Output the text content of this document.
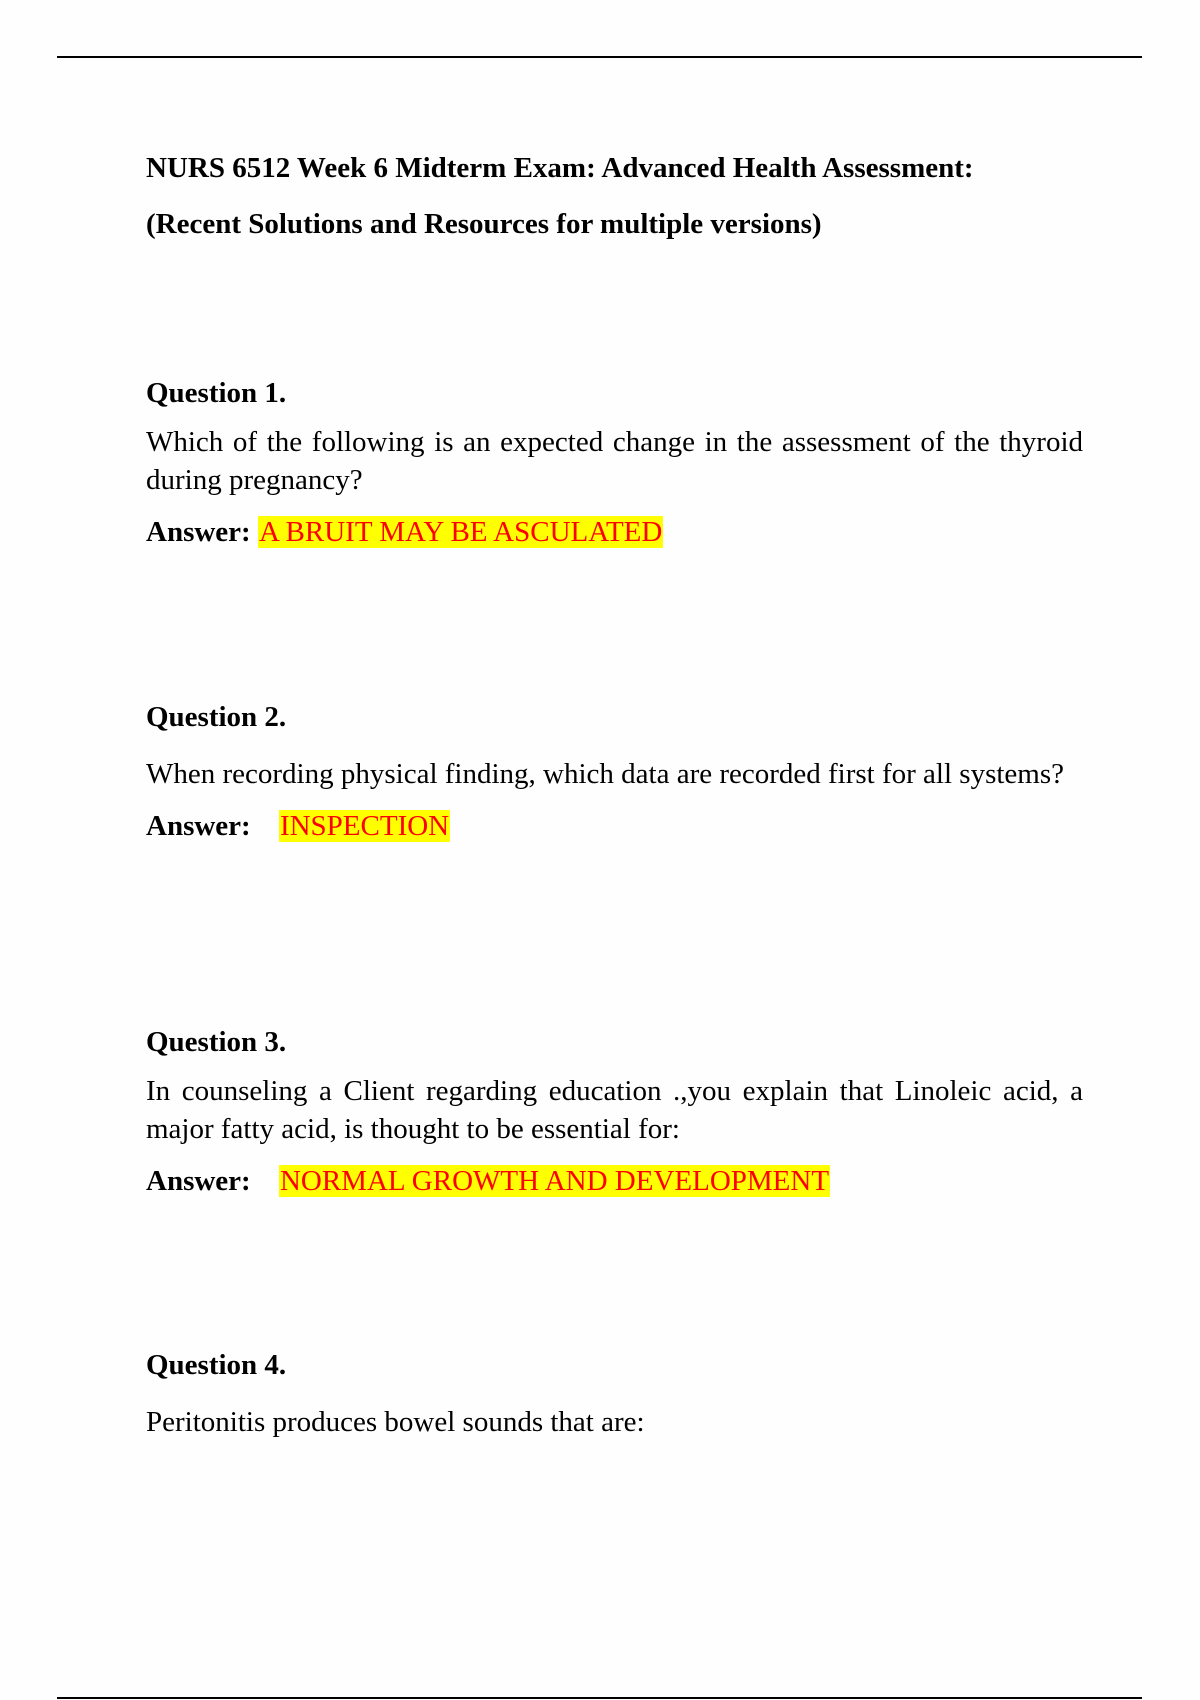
NURS 6512 Week 6 Midterm Exam: Advanced Health Assessment:
(Recent Solutions and Resources for multiple versions)

Question 1.

Which of the following is an expected change in the assessment of the thyroid during pregnancy?

Answer: A BRUIT MAY BE ASCULATED

Question 2.

When recording physical finding, which data are recorded first for all systems?

Answer: INSPECTION

Question 3.

In counseling a Client regarding education .,you explain that Linoleic acid, a major fatty acid, is thought to be essential for:

Answer: NORMAL GROWTH AND DEVELOPMENT

Question 4.

Peritonitis produces bowel sounds that are:
